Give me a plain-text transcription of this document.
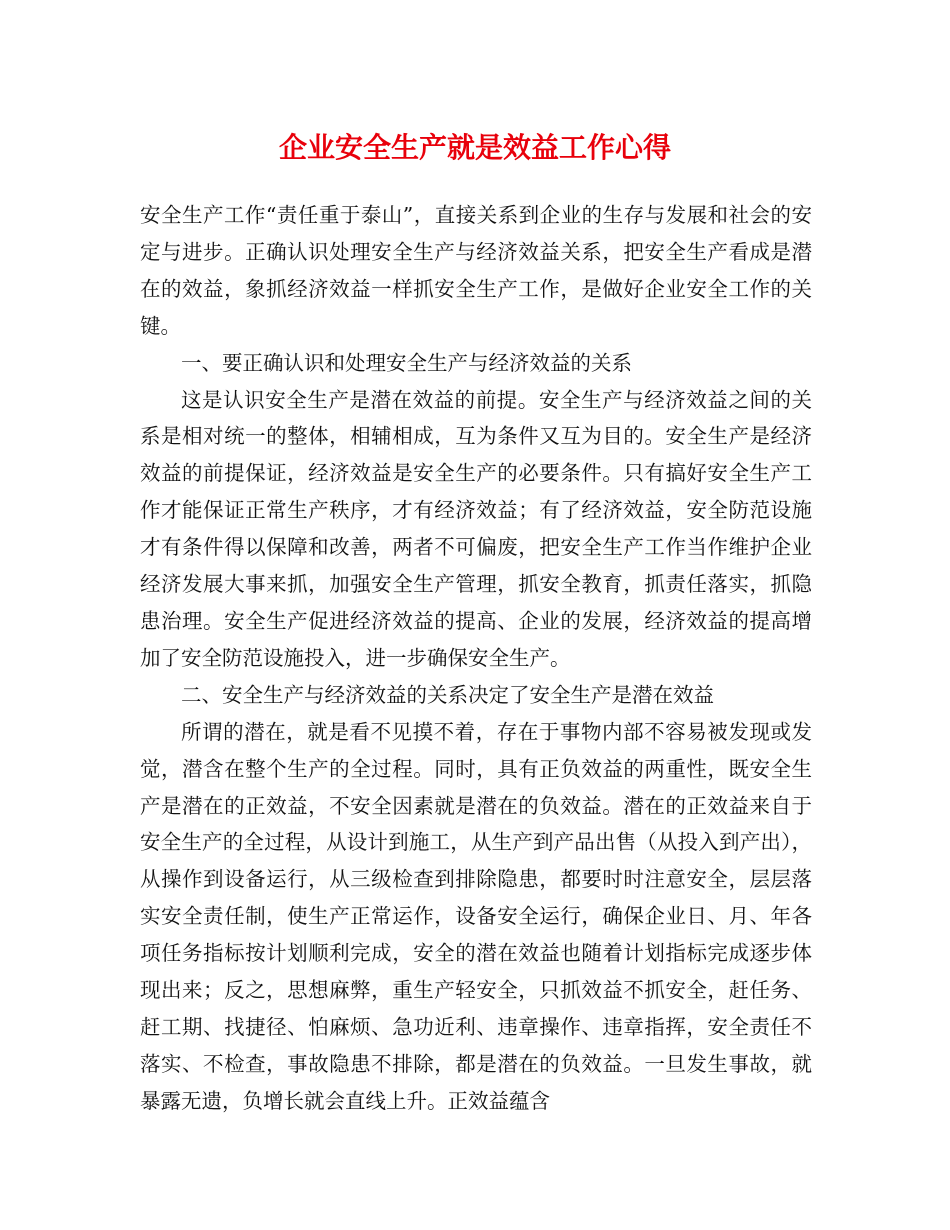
企业安全生产就是效益工作心得

安全生产工作“责任重于泰山”，直接关系到企业的生存与发展和社会的安定与进步。正确认识处理安全生产与经济效益关系，把安全生产看成是潜在的效益，象抓经济效益一样抓安全生产工作，是做好企业安全工作的关键。

一、要正确认识和处理安全生产与经济效益的关系

这是认识安全生产是潜在效益的前提。安全生产与经济效益之间的关系是相对统一的整体，相辅相成，互为条件又互为目的。安全生产是经济效益的前提保证，经济效益是安全生产的必要条件。只有搞好安全生产工作才能保证正常生产秩序，才有经济效益；有了经济效益，安全防范设施才有条件得以保障和改善，两者不可偏废，把安全生产工作当作维护企业经济发展大事来抓，加强安全生产管理，抓安全教育，抓责任落实，抓隐患治理。安全生产促进经济效益的提高、企业的发展，经济效益的提高增加了安全防范设施投入，进一步确保安全生产。

二、安全生产与经济效益的关系决定了安全生产是潜在效益

所谓的潜在，就是看不见摸不着，存在于事物内部不容易被发现或发觉，潜含在整个生产的全过程。同时，具有正负效益的两重性，既安全生产是潜在的正效益，不安全因素就是潜在的负效益。潜在的正效益来自于安全生产的全过程，从设计到施工，从生产到产品出售（从投入到产出），从操作到设备运行，从三级检查到排除隐患，都要时时注意安全，层层落实安全责任制，使生产正常运作，设备安全运行，确保企业日、月、年各项任务指标按计划顺利完成，安全的潜在效益也随着计划指标完成逐步体现出来；反之，思想麻弊，重生产轻安全，只抓效益不抓安全，赶任务、赶工期、找捷径、怕麻烦、急功近利、违章操作、违章指挥，安全责任不落实、不检查，事故隐患不排除，都是潜在的负效益。一旦发生事故，就暴露无遗，负增长就会直线上升。正效益蕴含
